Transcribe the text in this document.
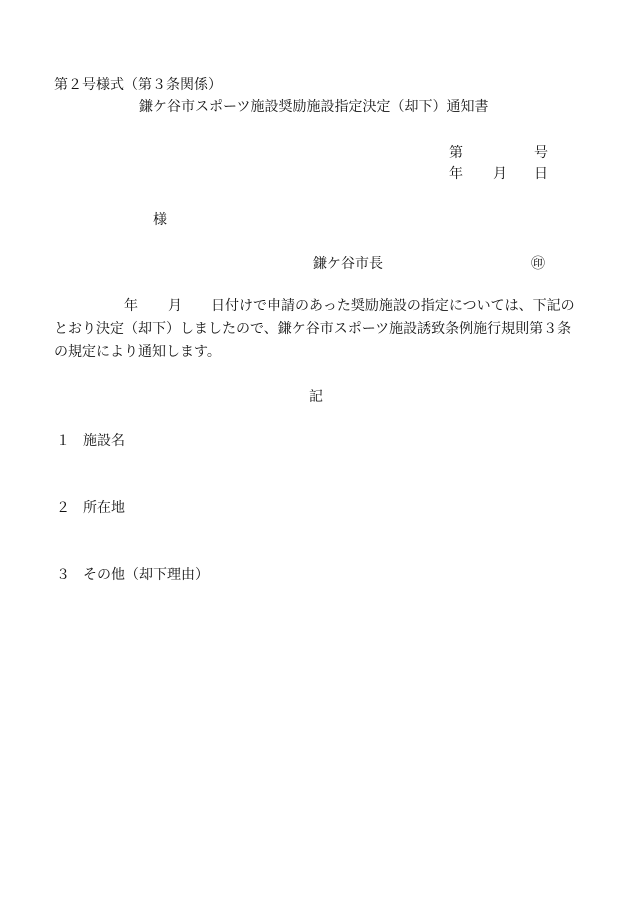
第２号様式（第３条関係）
鎌ケ谷市スポーツ施設奨励施設指定決定（却下）通知書
第	号
年 月 日
様
鎌ケ谷市長	㊞
年 月 日付けで申請のあった奨励施設の指定については、下記の
とおり決定（却下）しましたので、鎌ケ谷市スポーツ施設誘致条例施行規則第３条
の規定により通知します。
記
１ 施設名
２ 所在地
３ その他（却下理由）
